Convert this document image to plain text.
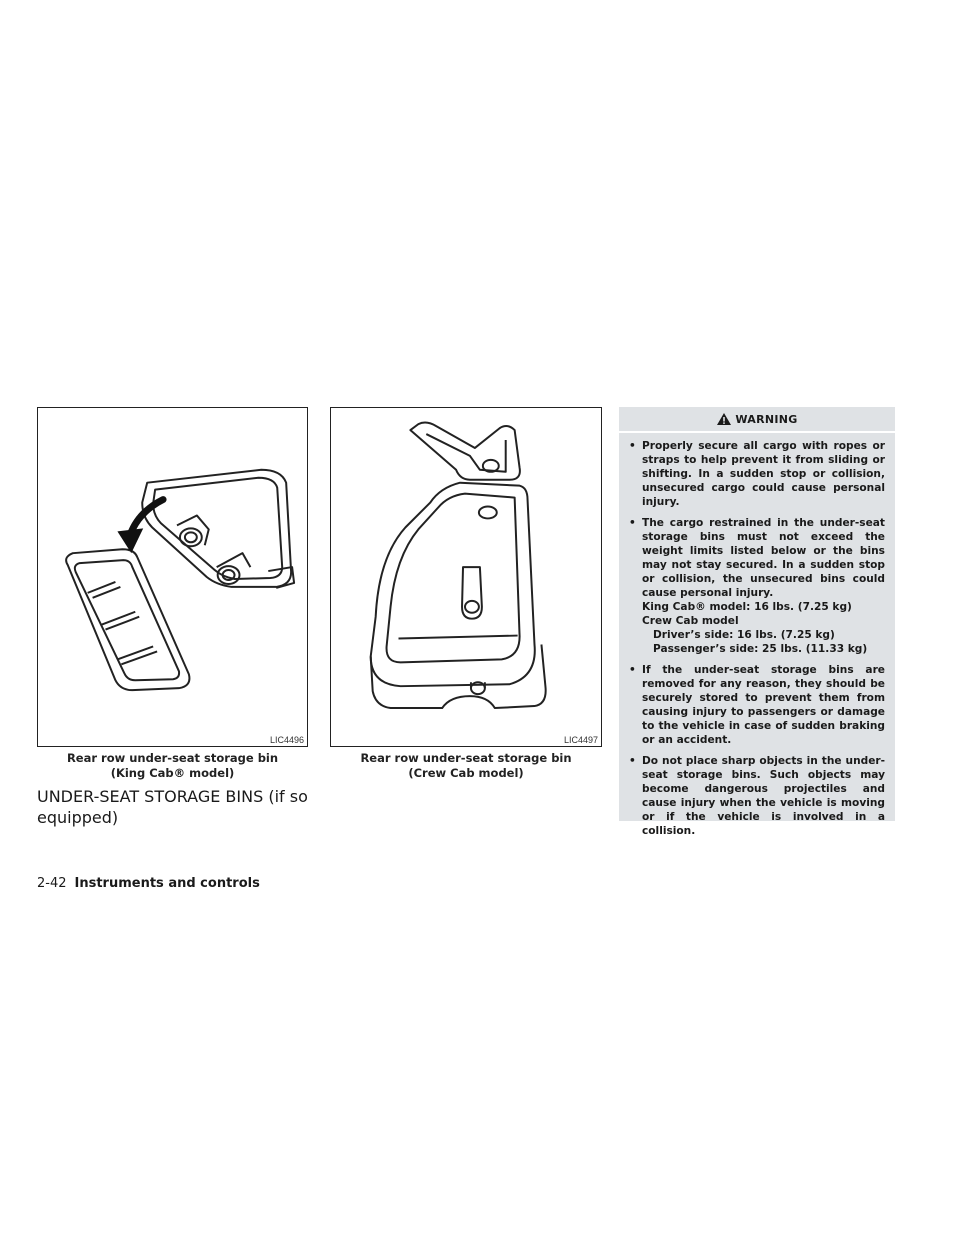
LIC4496	LIC4497
Rear row under-seat storage bin
(King Cab® model)
Rear row under-seat storage bin
(Crew Cab model)
UNDER-SEAT STORAGE BINS (if so equipped)
WARNING
• Properly secure all cargo with ropes or straps to help prevent it from sliding or shifting. In a sudden stop or collision, unsecured cargo could cause personal injury.
• The cargo restrained in the under-seat storage bins must not exceed the weight limits listed below or the bins may not stay secured. In a sudden stop or collision, the unsecured bins could cause personal injury.
King Cab® model: 16 lbs. (7.25 kg)
Crew Cab model
Driver’s side: 16 lbs. (7.25 kg)
Passenger’s side: 25 lbs. (11.33 kg)
• If the under-seat storage bins are removed for any reason, they should be securely stored to prevent them from causing injury to passengers or damage to the vehicle in case of sudden braking or an accident.
• Do not place sharp objects in the under-seat storage bins. Such objects may become dangerous projectiles and cause injury when the vehicle is moving or if the vehicle is involved in a collision.
2-42 Instruments and controls
